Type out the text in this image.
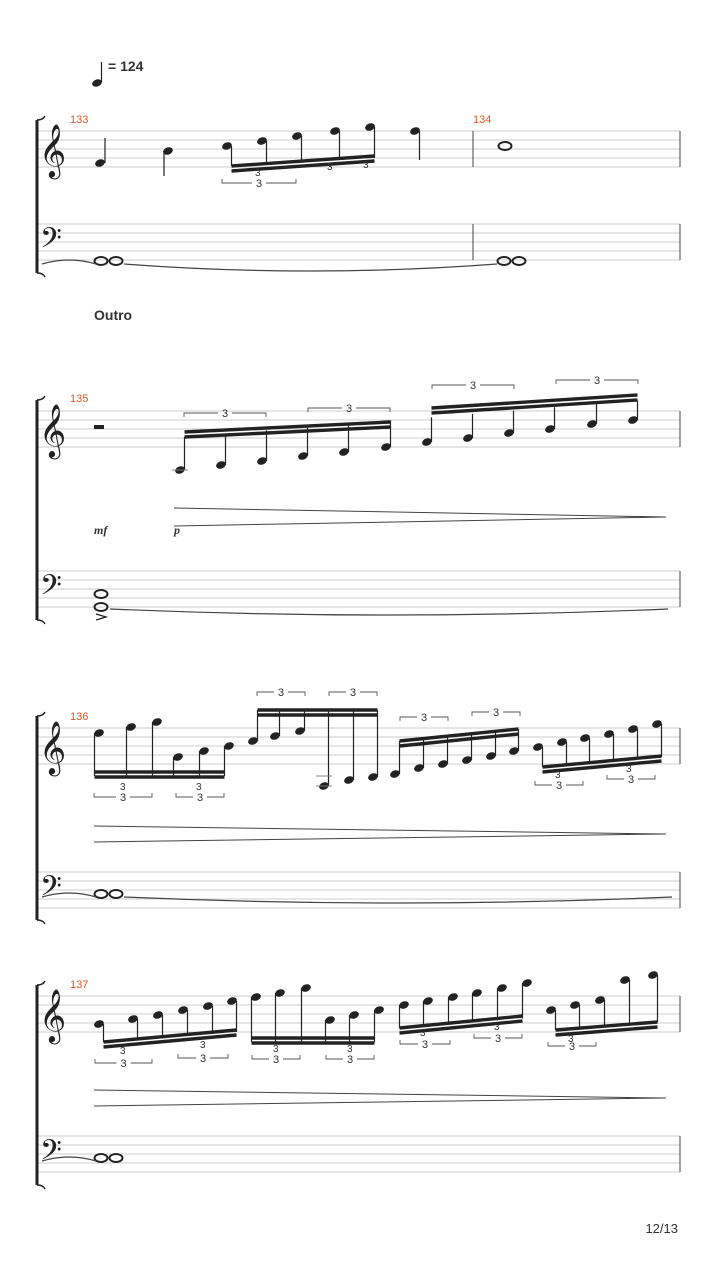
= 124
133	134
135
136
137
Outro
mf	p
12/13
𝄞
𝄢
𝄞
𝄢
𝄞
𝄢
𝄞
𝄢
3
3	3
3
3	3
3	3
3	3
3	3
3	3
3	3
3
3
3	3
3
3
3	3
3	3
3	3
3
3
3	3	3
3
